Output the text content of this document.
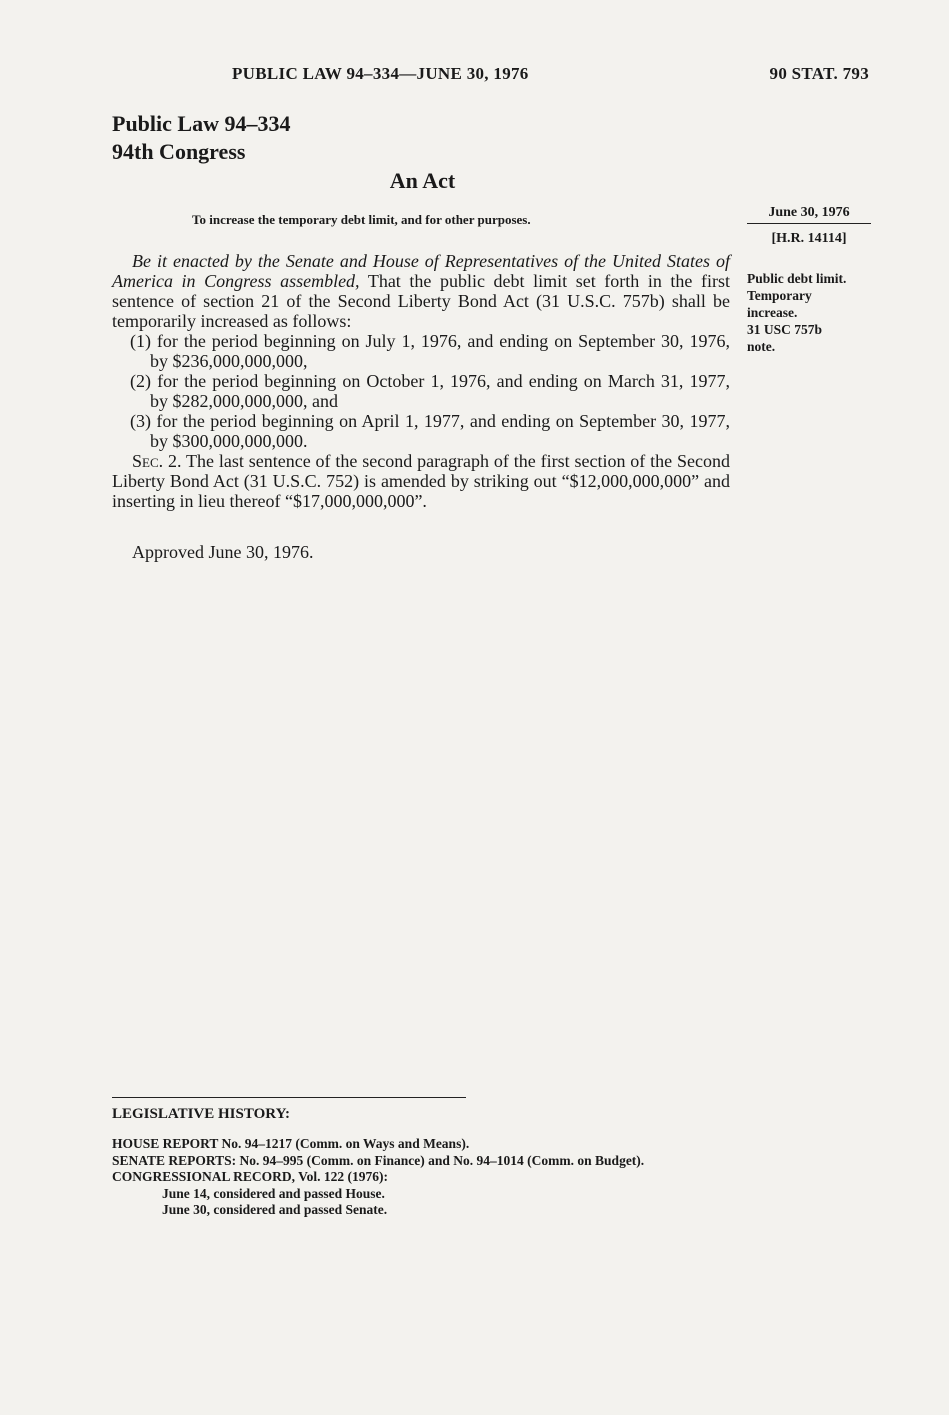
PUBLIC LAW 94–334—JUNE 30, 1976	90 STAT. 793
Public Law 94–334
94th Congress
An Act
To increase the temporary debt limit, and for other purposes.	June 30, 1976
[H.R. 14114]
Public debt limit.
Temporary
increase.
31 USC 757b
note.

Be it enacted by the Senate and House of Representatives of the United States of America in Congress assembled, That the public debt limit set forth in the first sentence of section 21 of the Second Liberty Bond Act (31 U.S.C. 757b) shall be temporarily increased as follows:

(1) for the period beginning on July 1, 1976, and ending on September 30, 1976, by $236,000,000,000,

(2) for the period beginning on October 1, 1976, and ending on March 31, 1977, by $282,000,000,000, and

(3) for the period beginning on April 1, 1977, and ending on September 30, 1977, by $300,000,000,000.

Sec. 2. The last sentence of the second paragraph of the first section of the Second Liberty Bond Act (31 U.S.C. 752) is amended by striking out “$12,000,000,000” and inserting in lieu thereof “$17,000,000,000”.

Approved June 30, 1976.
LEGISLATIVE HISTORY:
HOUSE REPORT No. 94–1217 (Comm. on Ways and Means).
SENATE REPORTS: No. 94–995 (Comm. on Finance) and No. 94–1014 (Comm. on Budget).
CONGRESSIONAL RECORD, Vol. 122 (1976):
June 14, considered and passed House.
June 30, considered and passed Senate.
